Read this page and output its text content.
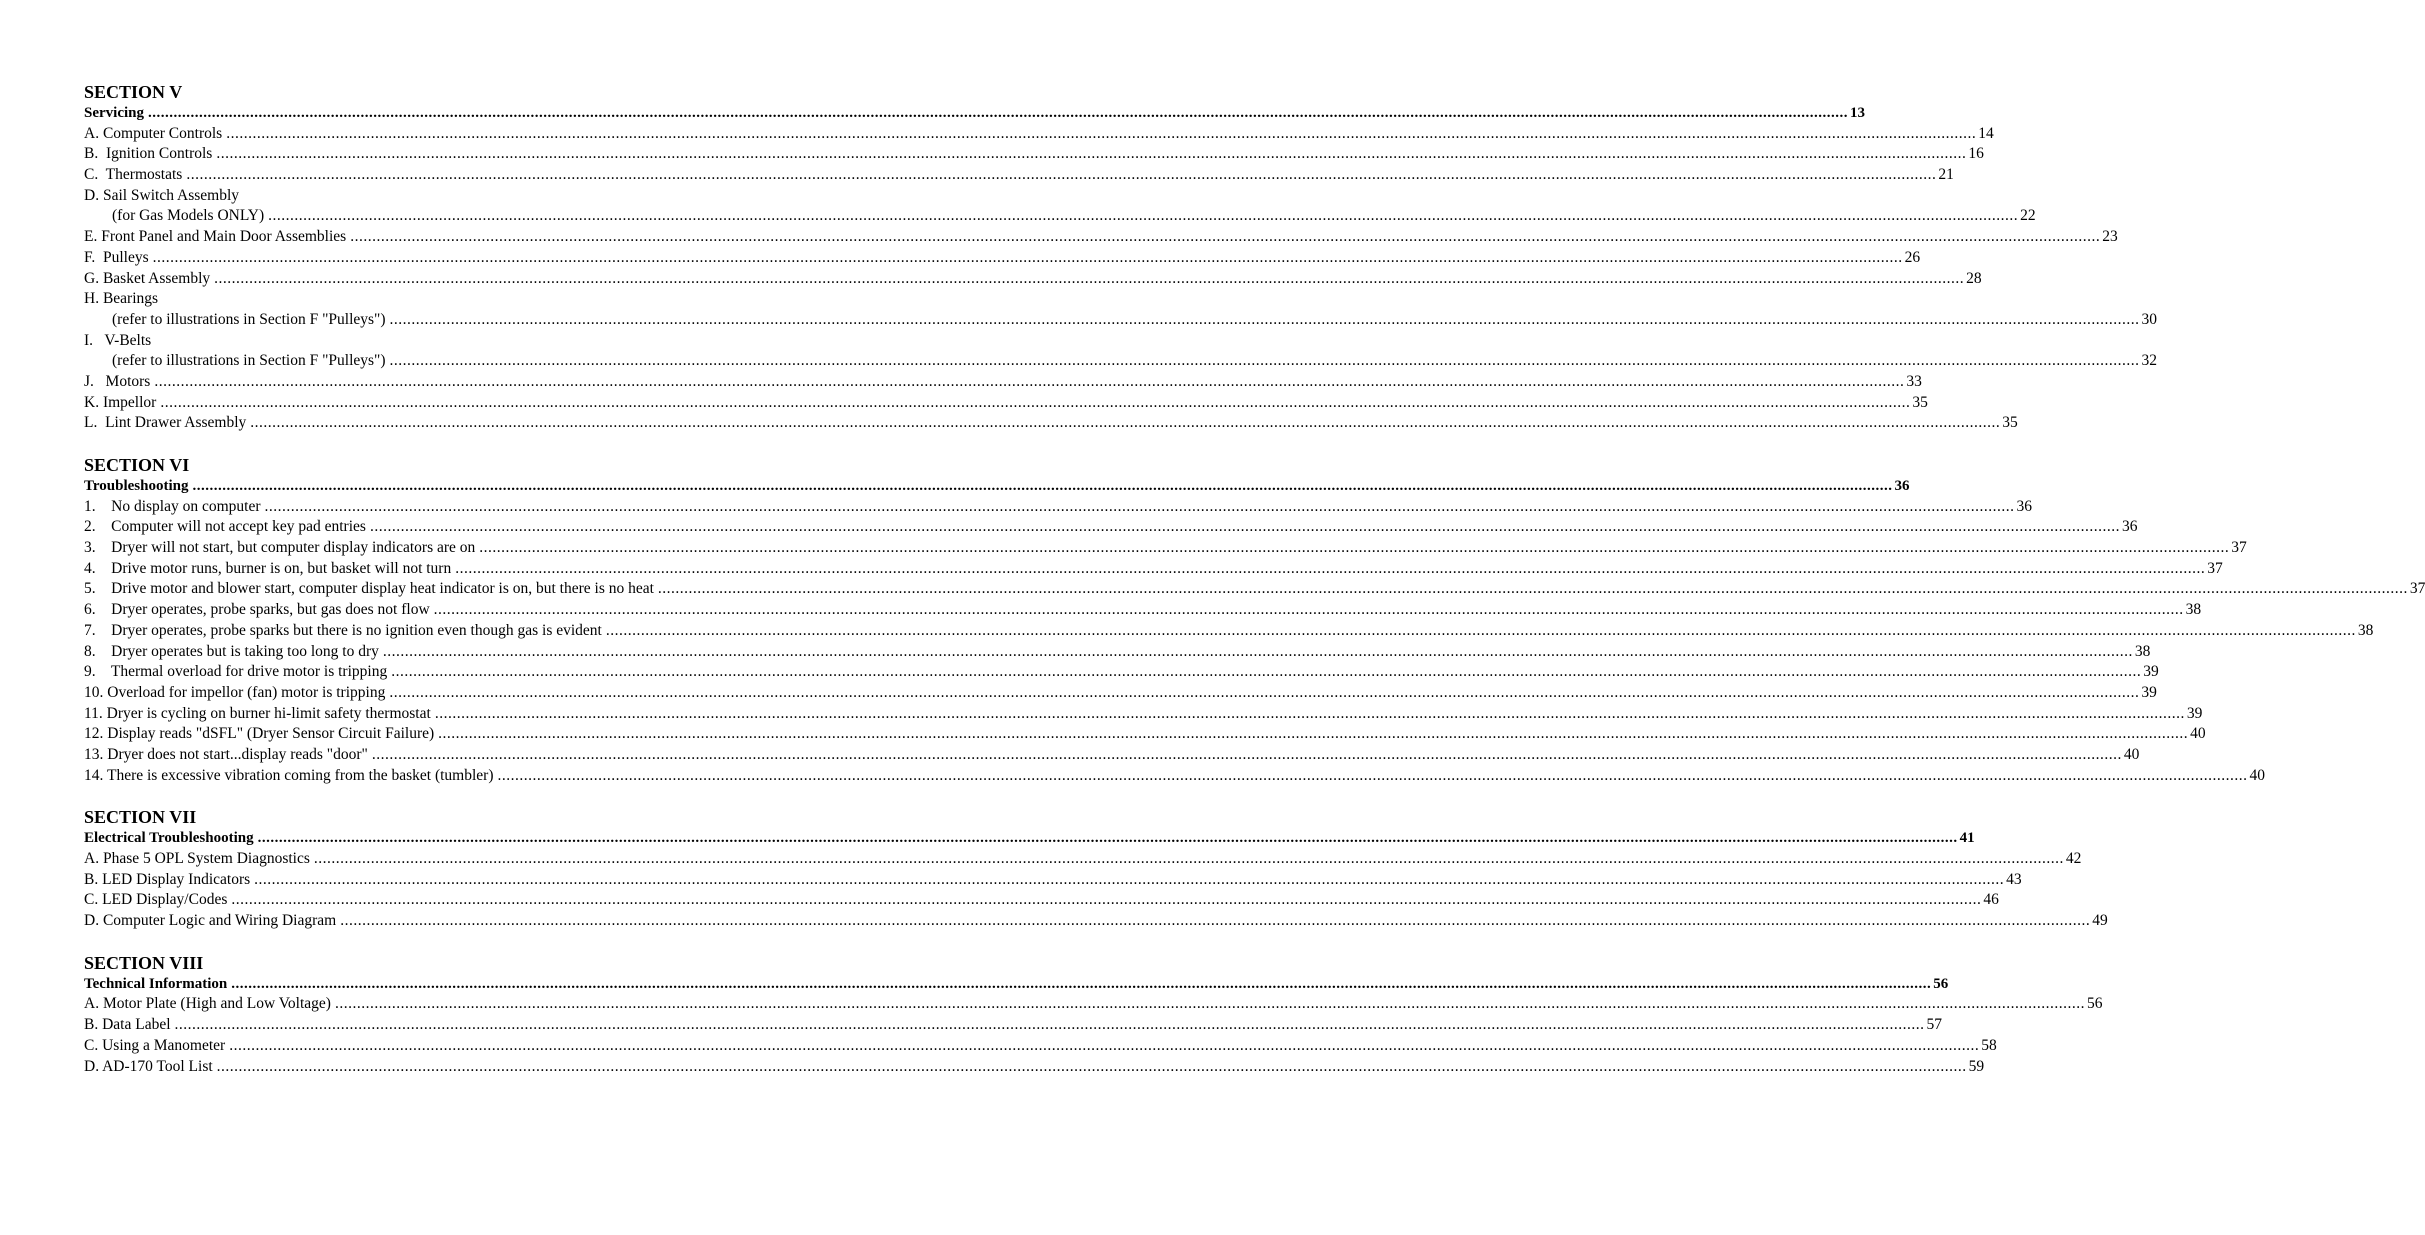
SECTION V
Servicing ................................................................................................................................................................................................................................................................................................................................................................................................................ 13
A. Computer Controls ................................................................................................................................................................................................................................................................................................................................................................................................................ 14
B.  Ignition Controls ................................................................................................................................................................................................................................................................................................................................................................................................................ 16
C.  Thermostats ................................................................................................................................................................................................................................................................................................................................................................................................................ 21
D. Sail Switch Assembly
(for Gas Models ONLY) ................................................................................................................................................................................................................................................................................................................................................................................................................ 22
E. Front Panel and Main Door Assemblies ................................................................................................................................................................................................................................................................................................................................................................................................................ 23
F.  Pulleys ................................................................................................................................................................................................................................................................................................................................................................................................................ 26
G. Basket Assembly ................................................................................................................................................................................................................................................................................................................................................................................................................ 28
H. Bearings
(refer to illustrations in Section F "Pulleys") ................................................................................................................................................................................................................................................................................................................................................................................................................ 30
I.   V-Belts
(refer to illustrations in Section F "Pulleys") ................................................................................................................................................................................................................................................................................................................................................................................................................ 32
J.   Motors ................................................................................................................................................................................................................................................................................................................................................................................................................ 33
K. Impellor ................................................................................................................................................................................................................................................................................................................................................................................................................ 35
L.  Lint Drawer Assembly ................................................................................................................................................................................................................................................................................................................................................................................................................ 35
SECTION VI
Troubleshooting ................................................................................................................................................................................................................................................................................................................................................................................................................ 36
1.    No display on computer ................................................................................................................................................................................................................................................................................................................................................................................................................ 36
2.    Computer will not accept key pad entries ................................................................................................................................................................................................................................................................................................................................................................................................................ 36
3.    Dryer will not start, but computer display indicators are on ................................................................................................................................................................................................................................................................................................................................................................................................................ 37
4.    Drive motor runs, burner is on, but basket will not turn ................................................................................................................................................................................................................................................................................................................................................................................................................ 37
5.    Drive motor and blower start, computer display heat indicator is on, but there is no heat ................................................................................................................................................................................................................................................................................................................................................................................................................ 37
6.    Dryer operates, probe sparks, but gas does not flow ................................................................................................................................................................................................................................................................................................................................................................................................................ 38
7.    Dryer operates, probe sparks but there is no ignition even though gas is evident ................................................................................................................................................................................................................................................................................................................................................................................................................ 38
8.    Dryer operates but is taking too long to dry ................................................................................................................................................................................................................................................................................................................................................................................................................ 38
9.    Thermal overload for drive motor is tripping ................................................................................................................................................................................................................................................................................................................................................................................................................ 39
10. Overload for impellor (fan) motor is tripping ................................................................................................................................................................................................................................................................................................................................................................................................................ 39
11. Dryer is cycling on burner hi-limit safety thermostat ................................................................................................................................................................................................................................................................................................................................................................................................................ 39
12. Display reads "dSFL" (Dryer Sensor Circuit Failure) ................................................................................................................................................................................................................................................................................................................................................................................................................ 40
13. Dryer does not start...display reads "door" ................................................................................................................................................................................................................................................................................................................................................................................................................ 40
14. There is excessive vibration coming from the basket (tumbler) ................................................................................................................................................................................................................................................................................................................................................................................................................ 40
SECTION VII
Electrical Troubleshooting ................................................................................................................................................................................................................................................................................................................................................................................................................ 41
A. Phase 5 OPL System Diagnostics ................................................................................................................................................................................................................................................................................................................................................................................................................ 42
B. LED Display Indicators ................................................................................................................................................................................................................................................................................................................................................................................................................ 43
C. LED Display/Codes ................................................................................................................................................................................................................................................................................................................................................................................................................ 46
D. Computer Logic and Wiring Diagram ................................................................................................................................................................................................................................................................................................................................................................................................................ 49
SECTION VIII
Technical Information ................................................................................................................................................................................................................................................................................................................................................................................................................ 56
A. Motor Plate (High and Low Voltage) ................................................................................................................................................................................................................................................................................................................................................................................................................ 56
B. Data Label ................................................................................................................................................................................................................................................................................................................................................................................................................ 57
C. Using a Manometer ................................................................................................................................................................................................................................................................................................................................................................................................................ 58
D. AD-170 Tool List ................................................................................................................................................................................................................................................................................................................................................................................................................ 59
